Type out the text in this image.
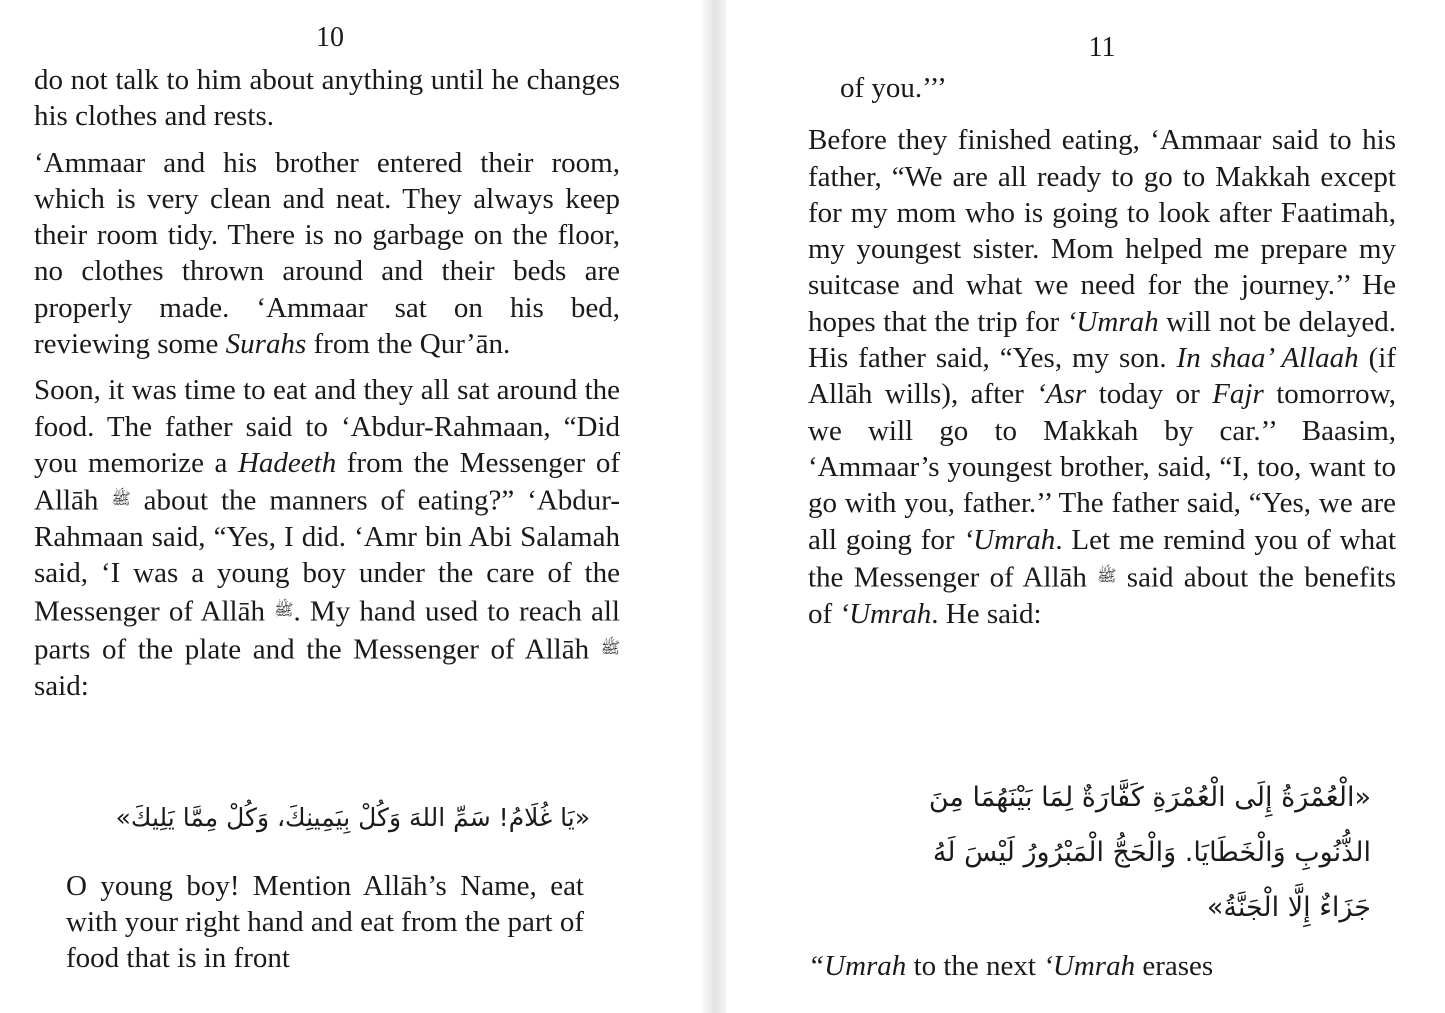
10

do not talk to him about anything until he changes his clothes and rests.

‘Ammaar and his brother entered their room, which is very clean and neat. They always keep their room tidy. There is no garbage on the floor, no clothes thrown around and their beds are properly made. ‘Ammaar sat on his bed, reviewing some Surahs from the Qur’ān.

Soon, it was time to eat and they all sat around the food. The father said to ‘Abdur-Rahmaan, “Did you memorize a Hadeeth from the Messenger of Allāh ﷺ about the manners of eating?” ‘Abdur-Rahmaan said, “Yes, I did. ‘Amr bin Abi Salamah said, ‘I was a young boy under the care of the Messenger of Allāh ﷺ. My hand used to reach all parts of the plate and the Messenger of Allāh ﷺ said:

«يَا غُلَامُ! سَمِّ اللهَ وَكُلْ بِيَمِينِكَ، وَكُلْ مِمَّا يَلِيكَ»
O young boy! Mention Allāh’s Name, eat with your right hand and eat from the part of food that is in front
11

of you.’’’

Before they finished eating, ‘Ammaar said to his father, “We are all ready to go to Makkah except for my mom who is going to look after Faatimah, my youngest sister. Mom helped me prepare my suitcase and what we need for the journey.’’ He hopes that the trip for ‘Umrah will not be delayed. His father said, “Yes, my son. In shaa’ Allaah (if Allāh wills), after ‘Asr today or Fajr tomorrow, we will go to Makkah by car.’’ Baasim, ‘Ammaar’s youngest brother, said, “I, too, want to go with you, father.’’ The father said, “Yes, we are all going for ‘Umrah. Let me remind you of what the Messenger of Allāh ﷺ said about the benefits of ‘Umrah. He said:

«الْعُمْرَةُ إِلَى الْعُمْرَةِ كَفَّارَةٌ لِمَا بَيْنَهُمَا مِنَ
الذُّنُوبِ وَالْخَطَايَا. وَالْحَجُّ الْمَبْرُورُ لَيْسَ لَهُ
جَزَاءٌ إِلَّا الْجَنَّةُ»
“Umrah to the next ‘Umrah erases
